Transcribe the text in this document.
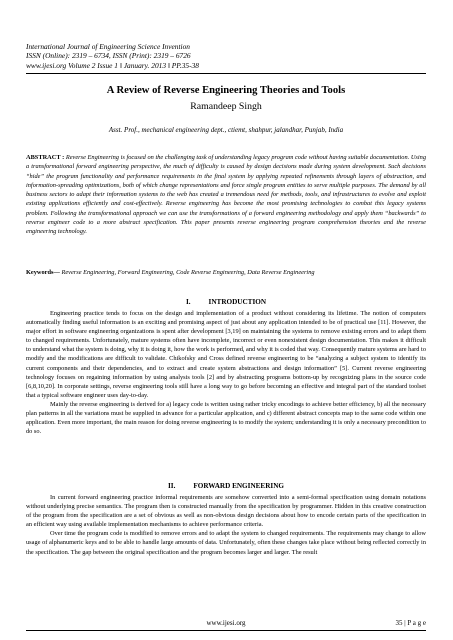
International Journal of Engineering Science Invention
ISSN (Online): 2319 – 6734, ISSN (Print): 2319 – 6726
www.ijesi.org Volume 2 Issue 1 ǁ January. 2013 ǁ PP.35-38
A Review of Reverse Engineering Theories and Tools
Ramandeep Singh
Asst. Prof., mechanical engineering dept., ctiemt, shahpur, jalandhar, Punjab, India
ABSTRACT : Reverse Engineering is focused on the challenging task of understanding legacy program code without having suitable documentation. Using a transformational forward engineering perspective, the much of difficulty is caused by design decisions made during system development. Such decisions “hide” the program functionality and performance requirements in the final system by applying repeated refinements through layers of abstraction, and information-spreading optimizations, both of which change representations and force single program entities to serve multiple purposes. The demand by all business sectors to adapt their information systems to the web has created a tremendous need for methods, tools, and infrastructures to evolve and exploit existing applications efficiently and cost-effectively. Reverse engineering has become the most promising technologies to combat this legacy systems problem. Following the transformational approach we can use the transformations of a forward engineering methodology and apply them “backwards” to reverse engineer code to a more abstract specification. This paper presents reverse engineering program comprehension theories and the reverse engineering technology.
Keywords— Reverse Engineering, Forward Engineering, Code Reverse Engineering, Data Reverse Engineering
I.	INTRODUCTION

Engineering practice tends to focus on the design and implementation of a product without considering its lifetime. The notion of computers automatically finding useful information is an exciting and promising aspect of just about any application intended to be of practical use [11]. However, the major effort in software engineering organizations is spent after development [3,19] on maintaining the systems to remove existing errors and to adapt them to changed requirements. Unfortunately, mature systems often have incomplete, incorrect or even nonexistent design documentation. This makes it difficult to understand what the system is doing, why it is doing it, how the work is performed, and why it is coded that way. Consequently mature systems are hard to modify and the modifications are difficult to validate. Chikofsky and Cross defined reverse engineering to be “analyzing a subject system to identify its current components and their dependencies, and to extract and create system abstractions and design information” [5]. Current reverse engineering technology focuses on regaining information by using analysis tools [2] and by abstracting programs bottom-up by recognizing plans in the source code [6,8,10,20]. In corporate settings, reverse engineering tools still have a long way to go before becoming an effective and integral part of the standard toolset that a typical software engineer uses day-to-day.

Mainly the reverse engineering is derived for a) legacy code is written using rather tricky encodings to achieve better efficiency, b) all the necessary plan patterns in all the variations must be supplied in advance for a particular application, and c) different abstract concepts map to the same code within one application. Even more important, the main reason for doing reverse engineering is to modify the system; understanding it is only a necessary precondition to do so.

II.	FORWARD ENGINEERING

In current forward engineering practice informal requirements are somehow converted into a semi-formal specification using domain notations without underlying precise semantics. The program then is constructed manually from the specification by programmer. Hidden in this creative construction of the program from the specification are a set of obvious as well as non-obvious design decisions about how to encode certain parts of the specification in an efficient way using available implementation mechanisms to achieve performance criteria.

Over time the program code is modified to remove errors and to adapt the system to changed requirements. The requirements may change to allow usage of alphanumeric keys and to be able to handle large amounts of data. Unfortunately, often these changes take place without being reflected correctly in the specification. The gap between the original specification and the program becomes larger and larger. The result

www.ijesi.org	35 | P a g e
